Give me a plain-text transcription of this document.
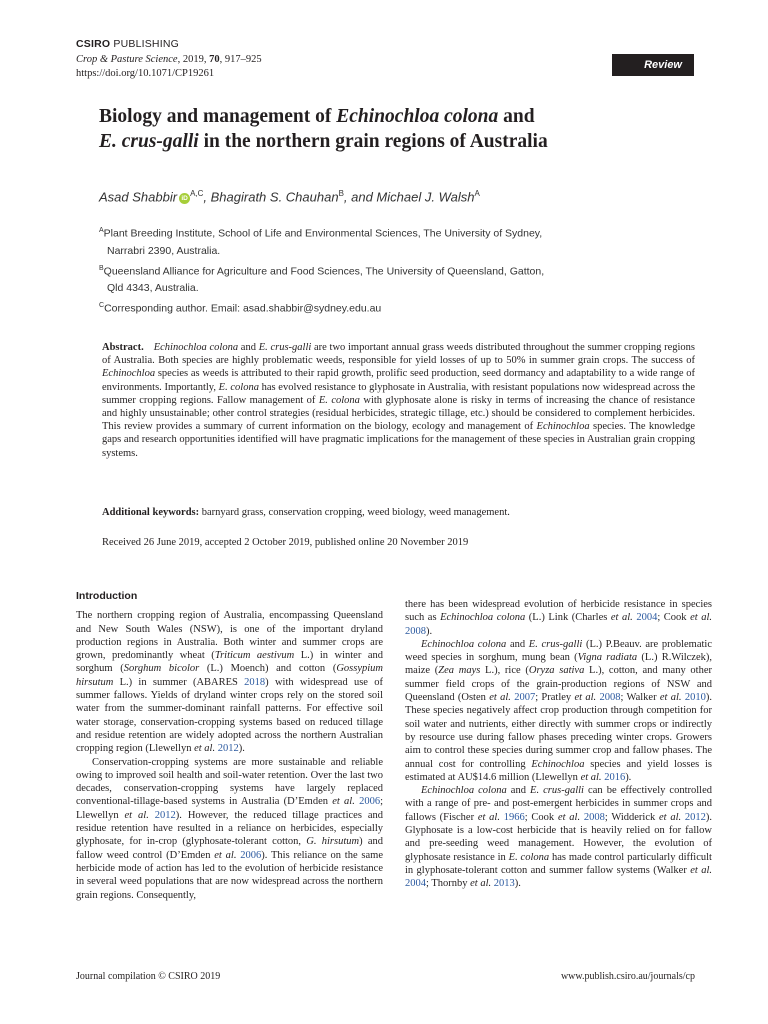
CSIRO PUBLISHING
Crop & Pasture Science, 2019, 70, 917–925
https://doi.org/10.1071/CP19261
Review
Biology and management of Echinochloa colona and
E. crus-galli in the northern grain regions of Australia
Asad Shabbir $iD^{A,C}$, Bhagirath S. Chauhan$^B$, and Michael J. Walsh$^A$
$^A$Plant Breeding Institute, School of Life and Environmental Sciences, The University of Sydney,
Narrabri 2390, Australia.
$^B$Queensland Alliance for Agriculture and Food Sciences, The University of Queensland, Gatton,
Qld 4343, Australia.
$^C$Corresponding author. Email: asad.shabbir@sydney.edu.au
Abstract. Echinochloa colona and E. crus-galli are two important annual grass weeds distributed throughout the summer cropping regions of Australia. Both species are highly problematic weeds, responsible for yield losses of up to 50% in summer grain crops. The success of Echinochloa species as weeds is attributed to their rapid growth, prolific seed production, seed dormancy and adaptability to a wide range of environments. Importantly, E. colona has evolved resistance to glyphosate in Australia, with resistant populations now widespread across the summer cropping regions. Fallow management of E. colona with glyphosate alone is risky in terms of increasing the chance of resistance and highly unsustainable; other control strategies (residual herbicides, strategic tillage, etc.) should be considered to complement herbicides. This review provides a summary of current information on the biology, ecology and management of Echinochloa species. The knowledge gaps and research opportunities identified will have pragmatic implications for the management of these species in Australian grain cropping systems.
Additional keywords: barnyard grass, conservation cropping, weed biology, weed management.
Received 26 June 2019, accepted 2 October 2019, published online 20 November 2019
Introduction

The northern cropping region of Australia, encompassing Queensland and New South Wales (NSW), is one of the important dryland production regions in Australia. Both winter and summer crops are grown, predominantly wheat (Triticum aestivum L.) in winter and sorghum (Sorghum bicolor (L.) Moench) and cotton (Gossypium hirsutum L.) in summer (ABARES 2018) with widespread use of summer fallows. Yields of dryland winter crops rely on the stored soil water from the summer-dominant rainfall patterns. For effective soil water storage, conservation-cropping systems based on reduced tillage and residue retention are widely adopted across the northern Australian cropping region (Llewellyn et al. 2012).

Conservation-cropping systems are more sustainable and reliable owing to improved soil health and soil-water retention. Over the last two decades, conservation-cropping systems have largely replaced conventional-tillage-based systems in Australia (D’Emden et al. 2006; Llewellyn et al. 2012). However, the reduced tillage practices and residue retention have resulted in a reliance on herbicides, especially glyphosate, for in-crop (glyphosate-tolerant cotton, G. hirsutum) and fallow weed control (D’Emden et al. 2006). This reliance on the same herbicide mode of action has led to the evolution of herbicide resistance in several weed populations that are now widespread across the northern grain regions. Consequently,

there has been widespread evolution of herbicide resistance in species such as Echinochloa colona (L.) Link (Charles et al. 2004; Cook et al. 2008).

Echinochloa colona and E. crus-galli (L.) P.Beauv. are problematic weed species in sorghum, mung bean (Vigna radiata (L.) R.Wilczek), maize (Zea mays L.), rice (Oryza sativa L.), cotton, and many other summer field crops of the grain-production regions of NSW and Queensland (Osten et al. 2007; Pratley et al. 2008; Walker et al. 2010). These species negatively affect crop production through competition for soil water and nutrients, either directly with summer crops or indirectly by resource use during fallow phases preceding winter crops. Growers aim to control these species during summer crop and fallow phases. The annual cost for controlling Echinochloa species and yield losses is estimated at AU$14.6 million (Llewellyn et al. 2016).

Echinochloa colona and E. crus-galli can be effectively controlled with a range of pre- and post-emergent herbicides in summer crops and fallows (Fischer et al. 1966; Cook et al. 2008; Widderick et al. 2012). Glyphosate is a low-cost herbicide that is heavily relied on for fallow and pre-seeding weed management. However, the evolution of glyphosate resistance in E. colona has made control particularly difficult in glyphosate-tolerant cotton and summer fallow systems (Walker et al. 2004; Thornby et al. 2013).

Journal compilation © CSIRO 2019	www.publish.csiro.au/journals/cp
